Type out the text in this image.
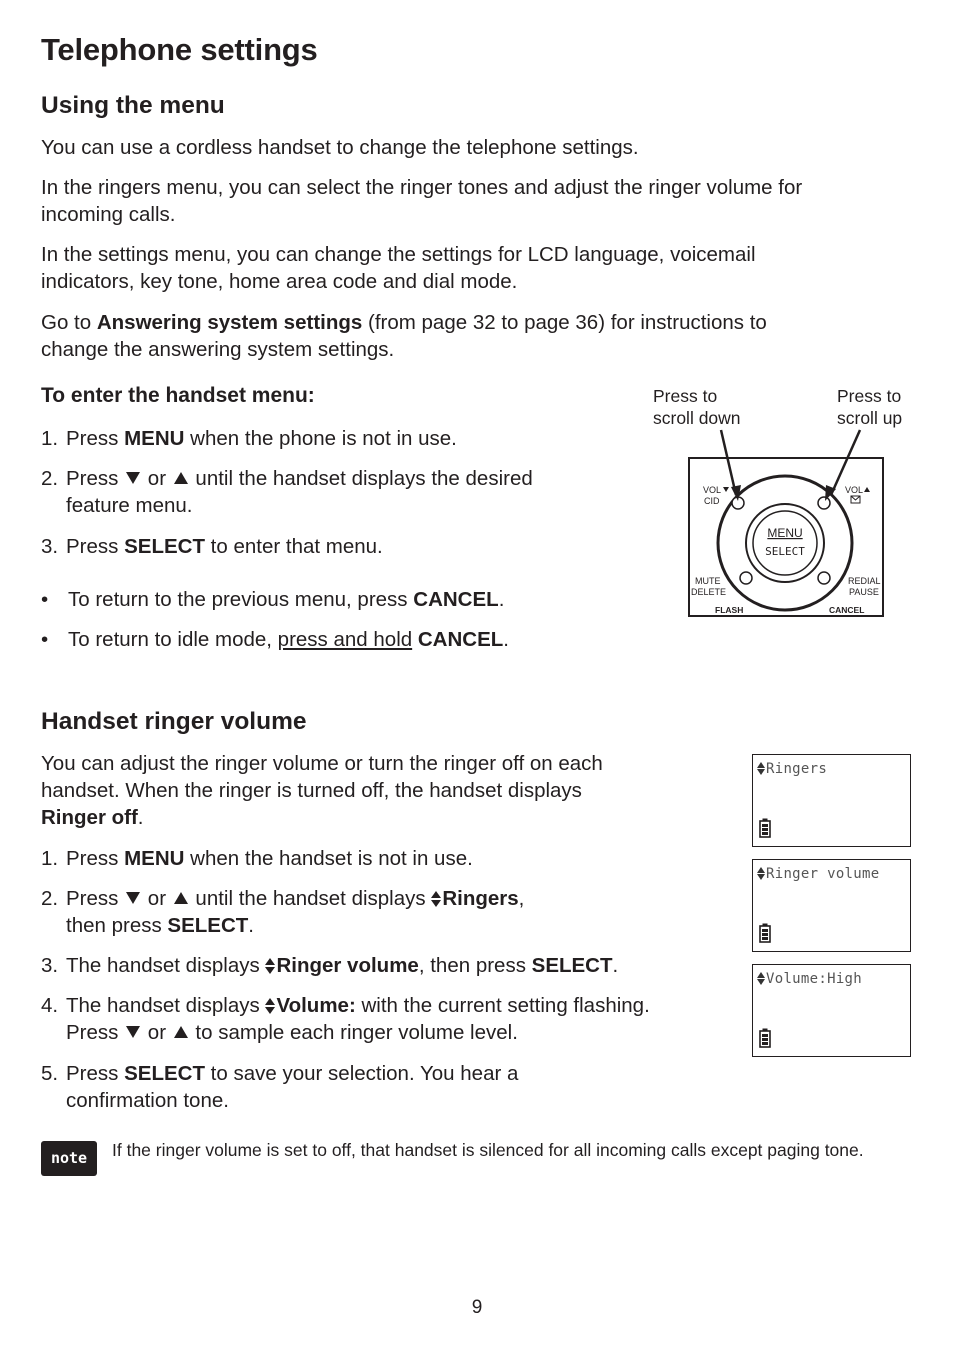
Telephone settings
Using the menu

You can use a cordless handset to change the telephone settings.

In the ringers menu, you can select the ringer tones and adjust the ringer volume for
incoming calls.

In the settings menu, you can change the settings for LCD language, voicemail
indicators, key tone, home area code and dial mode.

Go to Answering system settings (from page 32 to page 36) for instructions to
change the answering system settings.

To enter the handset menu:
1. Press MENU when the phone is not in use.
2. Press  or  until the handset displays the desired
feature menu.
3. Press SELECT to enter that menu.
• To return to the previous menu, press CANCEL.
• To return to idle mode, press and hold CANCEL.
Press to
scroll down
Press to
scroll up
VOL
CID
VOL
MENU
SELECT
MUTE
DELETE
FLASH
REDIAL
PAUSE
CANCEL
Handset ringer volume

You can adjust the ringer volume or turn the ringer off on each
handset. When the ringer is turned off, the handset displays
Ringer off.

1. Press MENU when the handset is not in use.
2. Press  or  until the handset displays Ringers,
then press SELECT.
3. The handset displays Ringer volume, then press SELECT.
4. The handset displays Volume: with the current setting flashing.
Press  or  to sample each ringer volume level.
5. Press SELECT to save your selection. You hear a
confirmation tone.
Ringers
Ringer volume
Volume:High
note	If the ringer volume is set to off, that handset is silenced for all incoming calls except paging tone.
9
